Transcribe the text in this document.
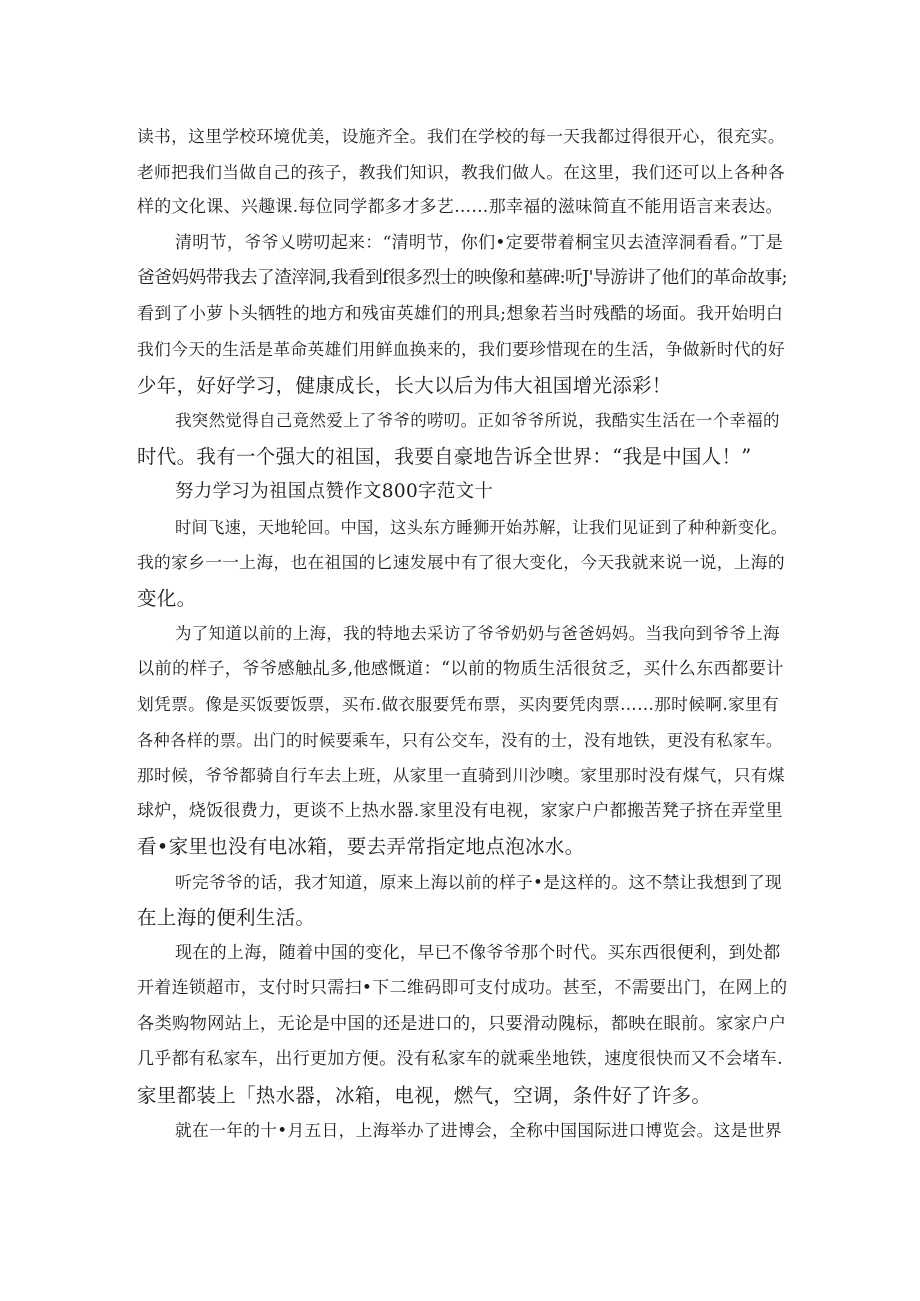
读书，这里学校环境优美，设施齐全。我们在学校的每一天我都过得很开心，很充实。
老师把我们当做自己的孩子，教我们知识，教我们做人。在这里，我们还可以上各种各
样的文化课、兴趣课.每位同学都多才多艺……那幸福的滋味简直不能用语言来表达。
清明节，爷爷乂唠叨起来：“清明节，你们•定要带着桐宝贝去渣滓洞看看。”丁是
爸爸妈妈带我去了渣滓洞,我看到f很多烈士的映像和墓碑:听J'导游讲了他们的革命故事;
看到了小萝卜头牺牲的地方和残宙英雄们的刑具;想象若当时残酷的场面。我开始明白
我们今天的生活是革命英雄们用鲜血换来的，我们要珍惜现在的生活，争做新时代的好
少年，好好学习，健康成长，长大以后为伟大祖国增光添彩！
我突然觉得自己竟然爱上了爷爷的唠叨。正如爷爷所说，我酷实生活在一个幸福的
时代。我有一个强大的祖国，我要自豪地告诉全世界：“我是中国人！”
努力学习为祖国点赞作文800字范文十
时间飞速，天地轮回。中国，这头东方睡狮开始苏解，让我们见证到了种种新变化。
我的家乡一一上海，也在祖国的匕速发展中有了很大变化，今天我就来说一说，上海的
变化。
为了知道以前的上海，我的特地去采访了爷爷奶奶与爸爸妈妈。当我向到爷爷上海
以前的样子，爷爷感触乩多,他感慨道：“以前的物质生活很贫乏，买什么东西都要计
划凭票。像是买饭要饭票，买布.做衣服要凭布票，买肉要凭肉票……那时候啊.家里有
各种各样的票。出门的时候要乘车，只有公交车，没有的士，没有地铁，更没有私家车。
那时候，爷爷都骑自行车去上班，从家里一直骑到川沙噢。家里那时没有煤气，只有煤
球炉，烧饭很费力，更谈不上热水器.家里没有电视，家家户户都搬苦凳子挤在弄堂里
看•家里也没有电冰箱，要去弄常指定地点泡冰水。
听完爷爷的话，我才知道，原来上海以前的样子•是这样的。这不禁让我想到了现
在上海的便利生活。
现在的上海，随着中国的变化，早已不像爷爷那个时代。买东西很便利，到处都
开着连锁超市，支付时只需扫•下二维码即可支付成功。甚至，不需要出门，在网上的
各类购物网站上，无论是中国的还是进口的，只要滑动隗标，都映在眼前。家家户户
几乎都有私家车，出行更加方便。没有私家车的就乘坐地铁，速度很快而又不会堵车.
家里都装上「热水器，冰箱，电视，燃气，空调，条件好了许多。
就在一年的十•月五日，上海举办了进博会，全称中国国际进口博览会。这是世界
